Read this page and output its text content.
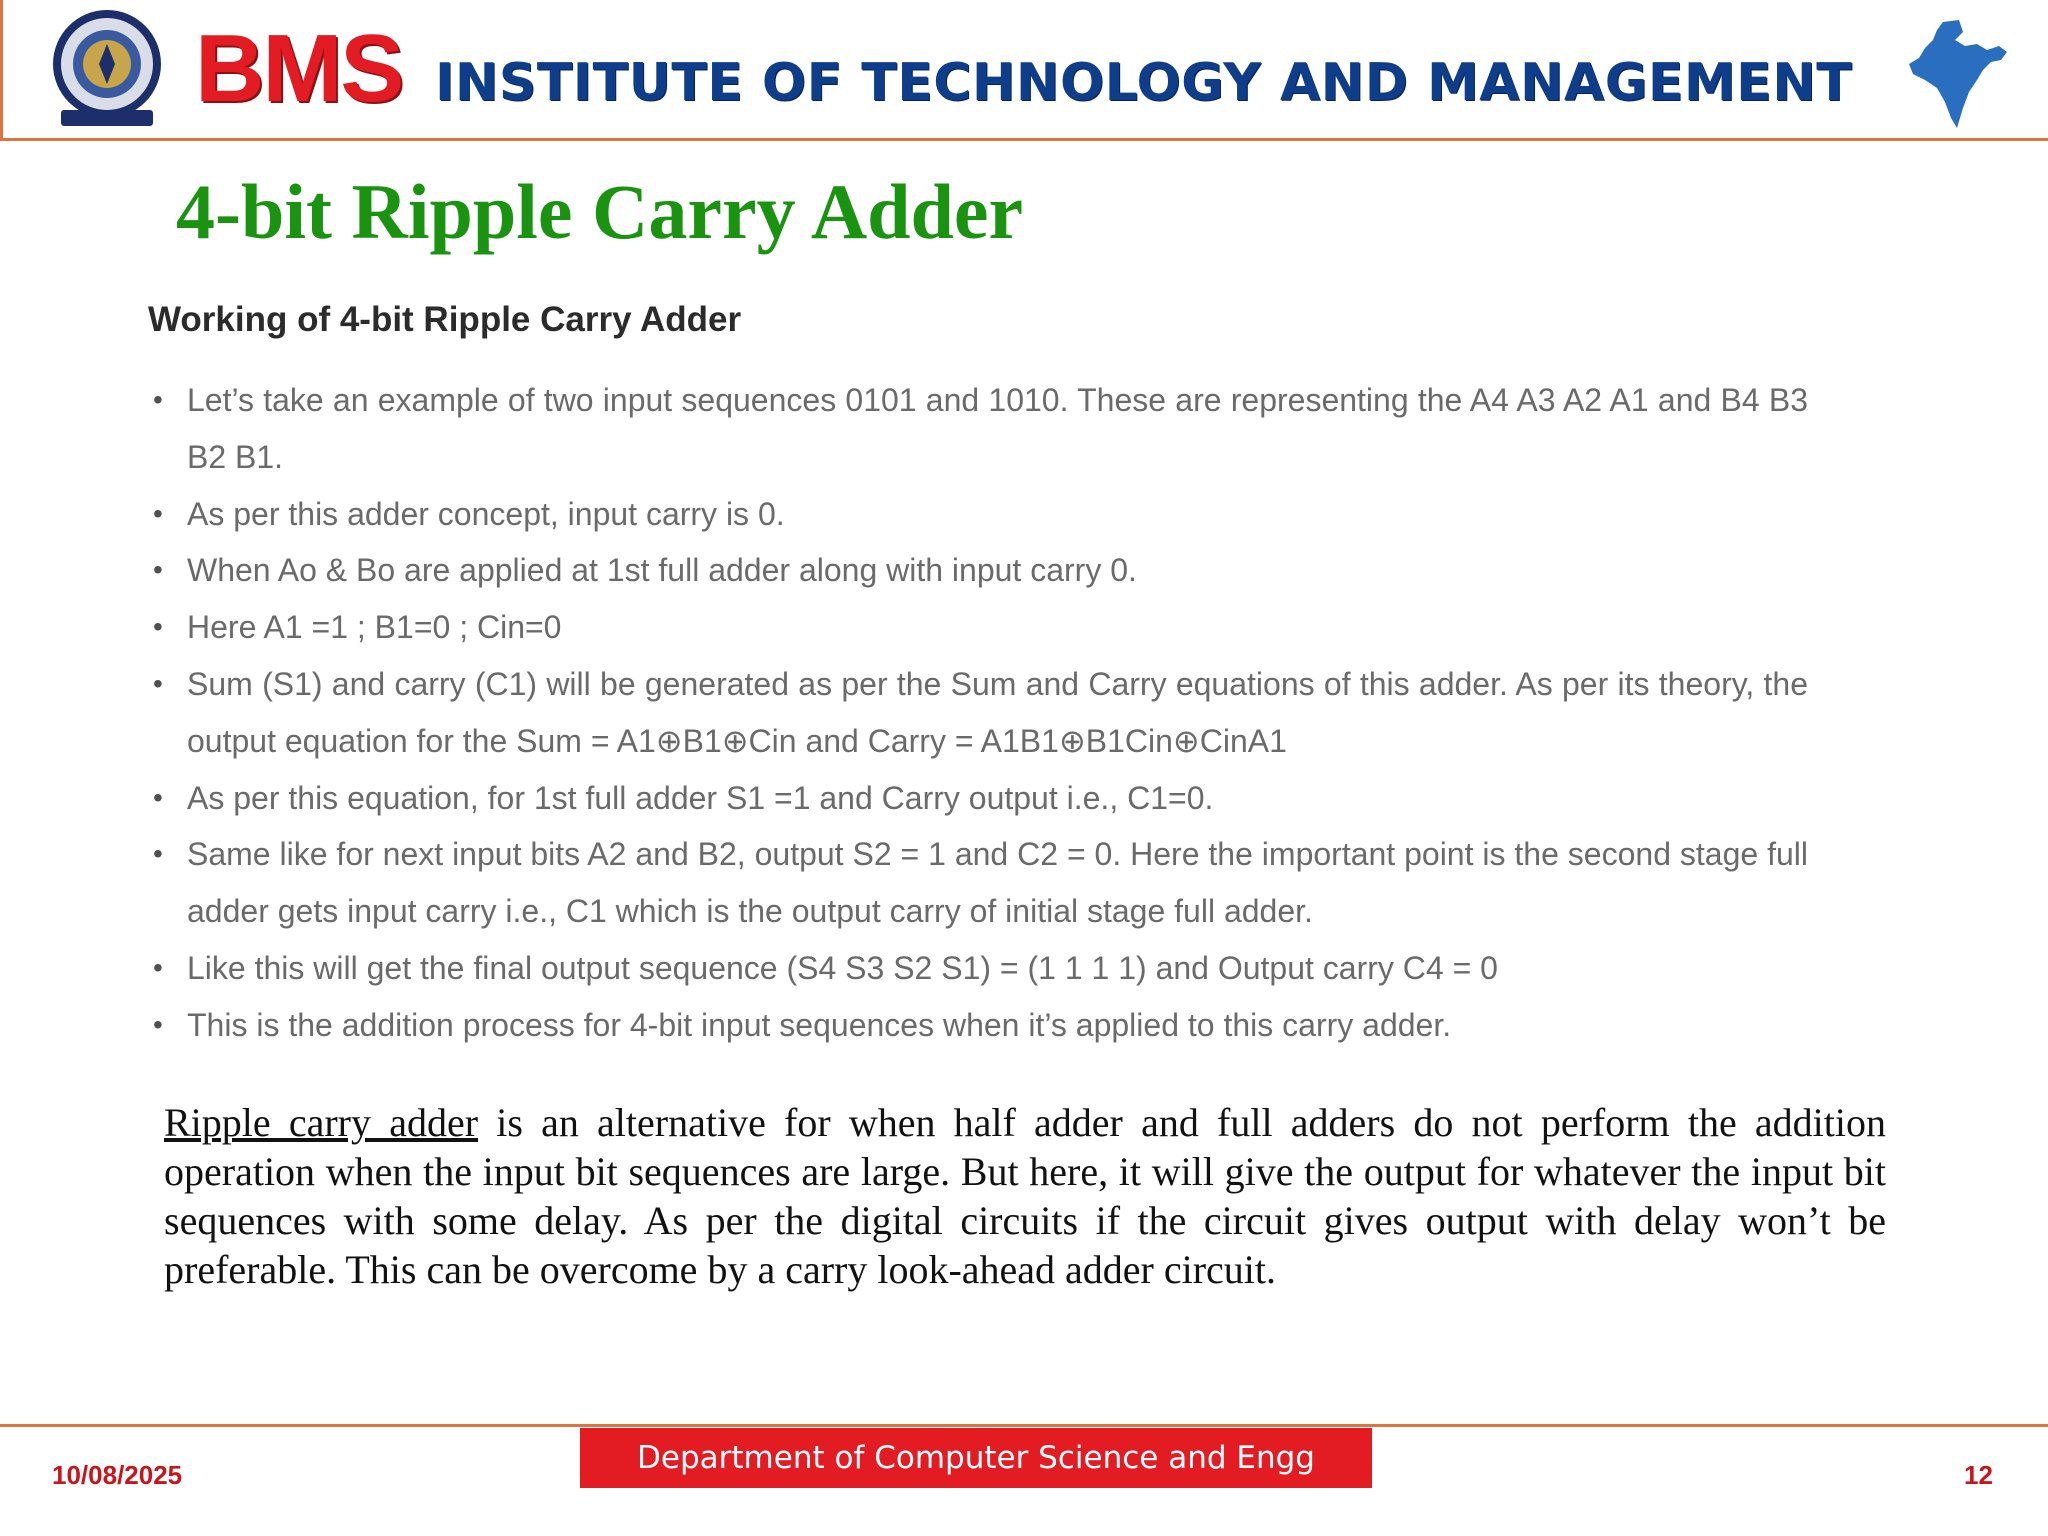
BMS INSTITUTE OF TECHNOLOGY AND MANAGEMENT
4-bit Ripple Carry Adder
Working of 4-bit Ripple Carry Adder
• Let’s take an example of two input sequences 0101 and 1010. These are representing the A4 A3 A2 A1 and B4 B3 B2 B1.
• As per this adder concept, input carry is 0.
• When Ao & Bo are applied at 1st full adder along with input carry 0.
• Here A1 =1 ; B1=0 ; Cin=0
• Sum (S1) and carry (C1) will be generated as per the Sum and Carry equations of this adder. As per its theory, the output equation for the Sum = A1⊕B1⊕Cin and Carry = A1B1⊕B1Cin⊕CinA1
• As per this equation, for 1st full adder S1 =1 and Carry output i.e., C1=0.
• Same like for next input bits A2 and B2, output S2 = 1 and C2 = 0. Here the important point is the second stage full adder gets input carry i.e., C1 which is the output carry of initial stage full adder.
• Like this will get the final output sequence (S4 S3 S2 S1) = (1 1 1 1) and Output carry C4 = 0
• This is the addition process for 4-bit input sequences when it’s applied to this carry adder.

Ripple carry adder is an alternative for when half adder and full adders do not perform the addition operation when the input bit sequences are large. But here, it will give the output for whatever the input bit sequences with some delay. As per the digital circuits if the circuit gives output with delay won’t be preferable. This can be overcome by a carry look-ahead adder circuit.

10/08/2025	Department of Computer Science and Engg	12
